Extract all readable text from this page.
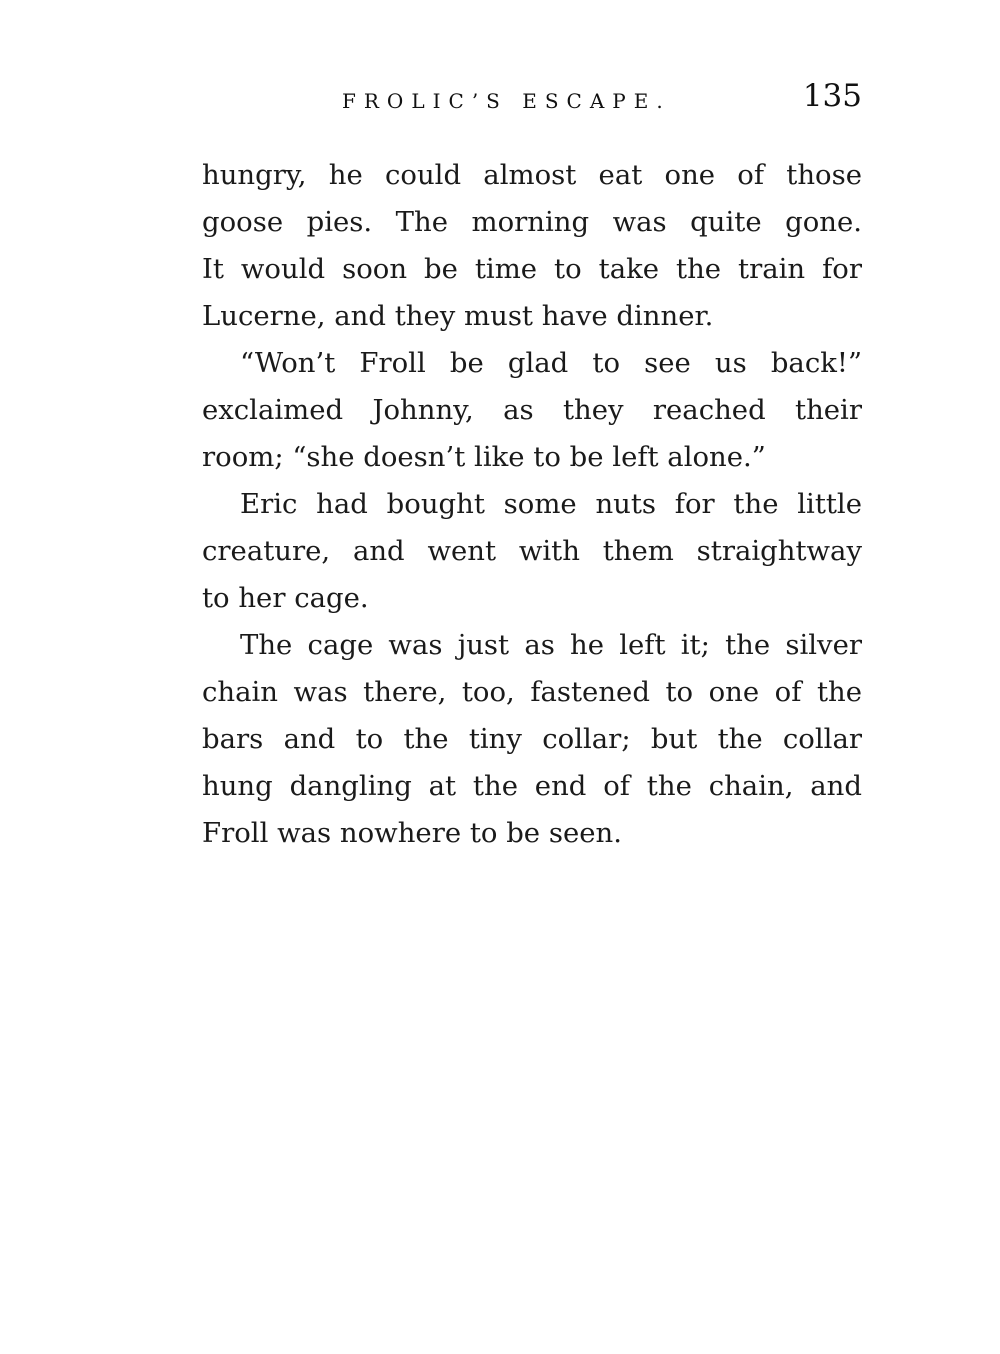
FROLIC’S ESCAPE.	135
hungry, he could almost eat one of those
goose pies. The morning was quite gone.
It would soon be time to take the train for
Lucerne, and they must have dinner.
“Won’t Froll be glad to see us back!”
exclaimed Johnny, as they reached their
room; “she doesn’t like to be left alone.”
Eric had bought some nuts for the little
creature, and went with them straightway
to her cage.
The cage was just as he left it; the silver
chain was there, too, fastened to one of the
bars and to the tiny collar; but the collar
hung dangling at the end of the chain, and
Froll was nowhere to be seen.
